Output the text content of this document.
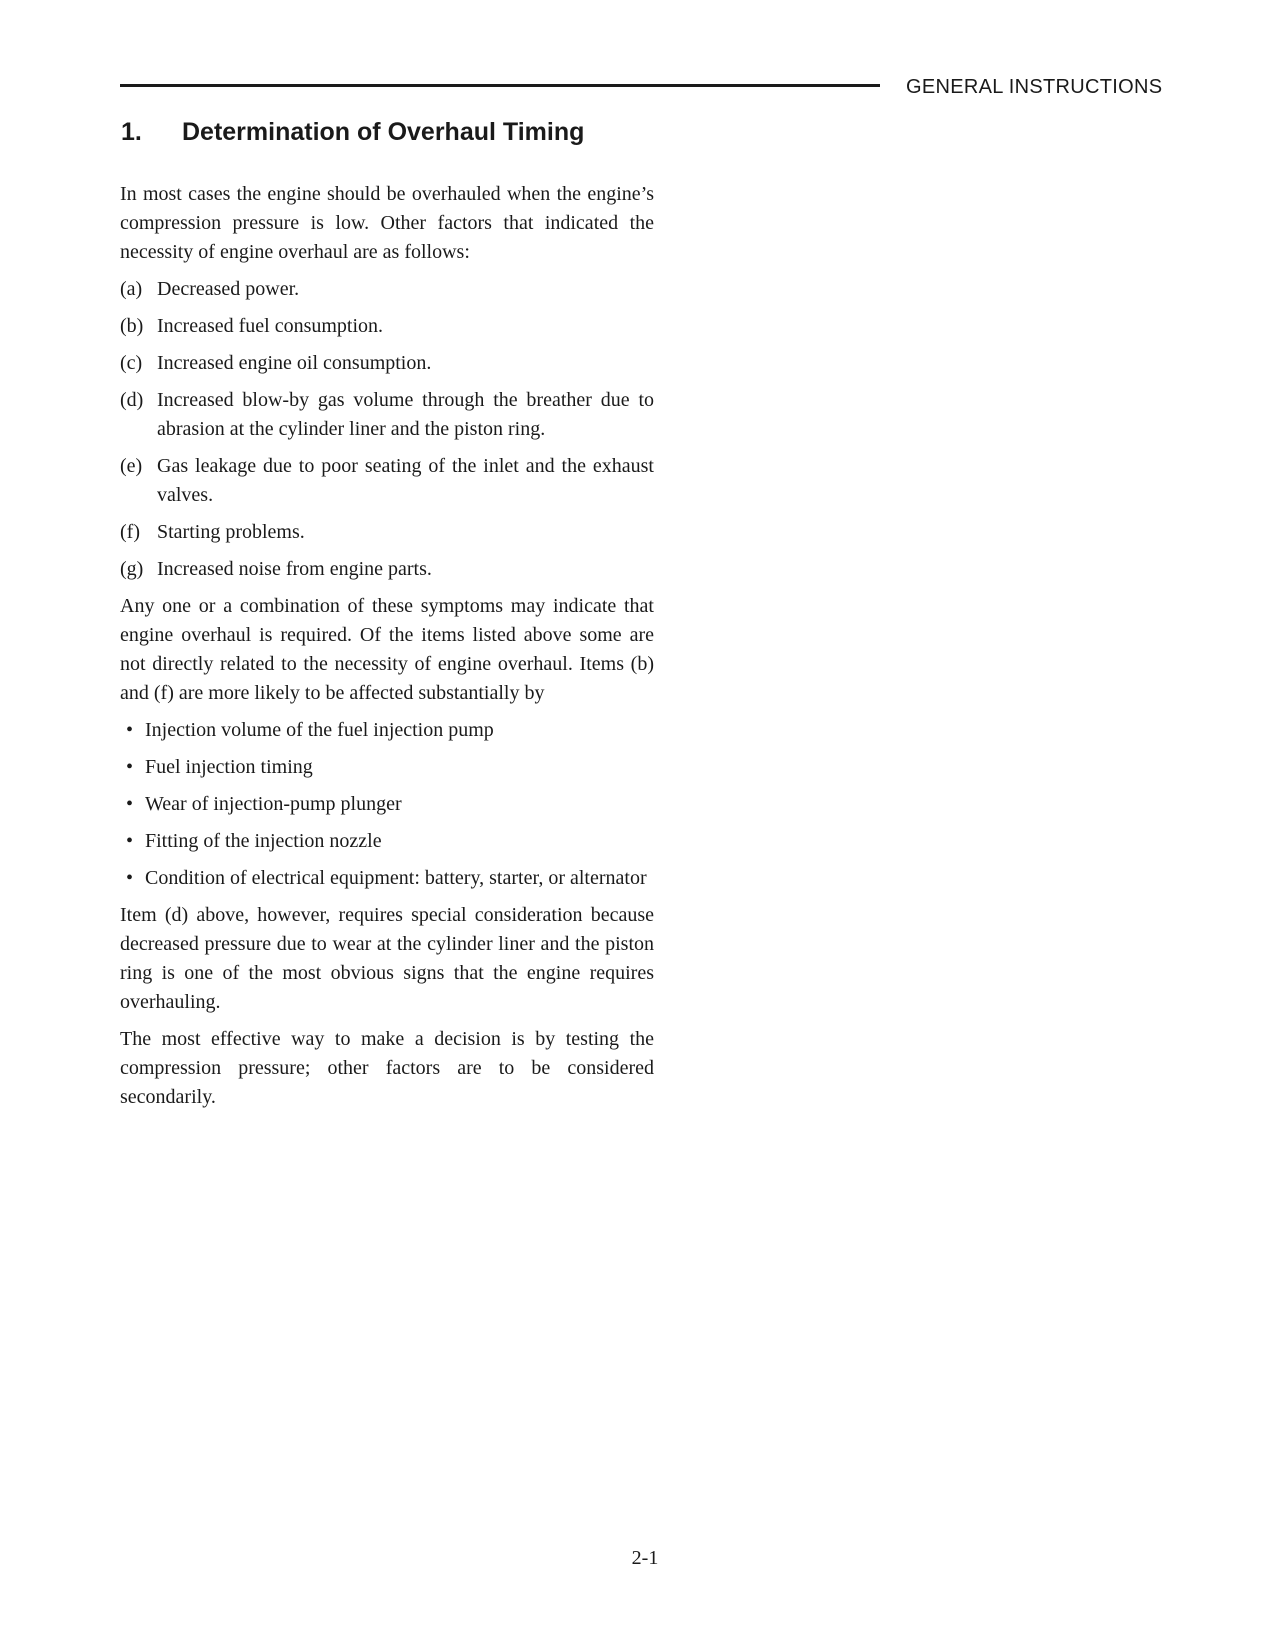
GENERAL INSTRUCTIONS
1. Determination of Overhaul Timing

In most cases the engine should be overhauled when the engine’s compression pressure is low. Other factors that indicated the necessity of engine overhaul are as follows:

(a) Decreased power.
(b) Increased fuel consumption.
(c) Increased engine oil consumption.
(d) Increased blow-by gas volume through the breather due to abrasion at the cylinder liner and the piston ring.
(e) Gas leakage due to poor seating of the inlet and the exhaust valves.
(f) Starting problems.
(g) Increased noise from engine parts.

Any one or a combination of these symptoms may indicate that engine overhaul is required. Of the items listed above some are not directly related to the necessity of engine overhaul. Items (b) and (f) are more likely to be affected substantially by

• Injection volume of the fuel injection pump
• Fuel injection timing
• Wear of injection-pump plunger
• Fitting of the injection nozzle
• Condition of electrical equipment: battery, starter, or alternator

Item (d) above, however, requires special consideration because decreased pressure due to wear at the cylinder liner and the piston ring is one of the most obvious signs that the engine requires overhauling.

The most effective way to make a decision is by testing the compression pressure; other factors are to be considered secondarily.

2-1
